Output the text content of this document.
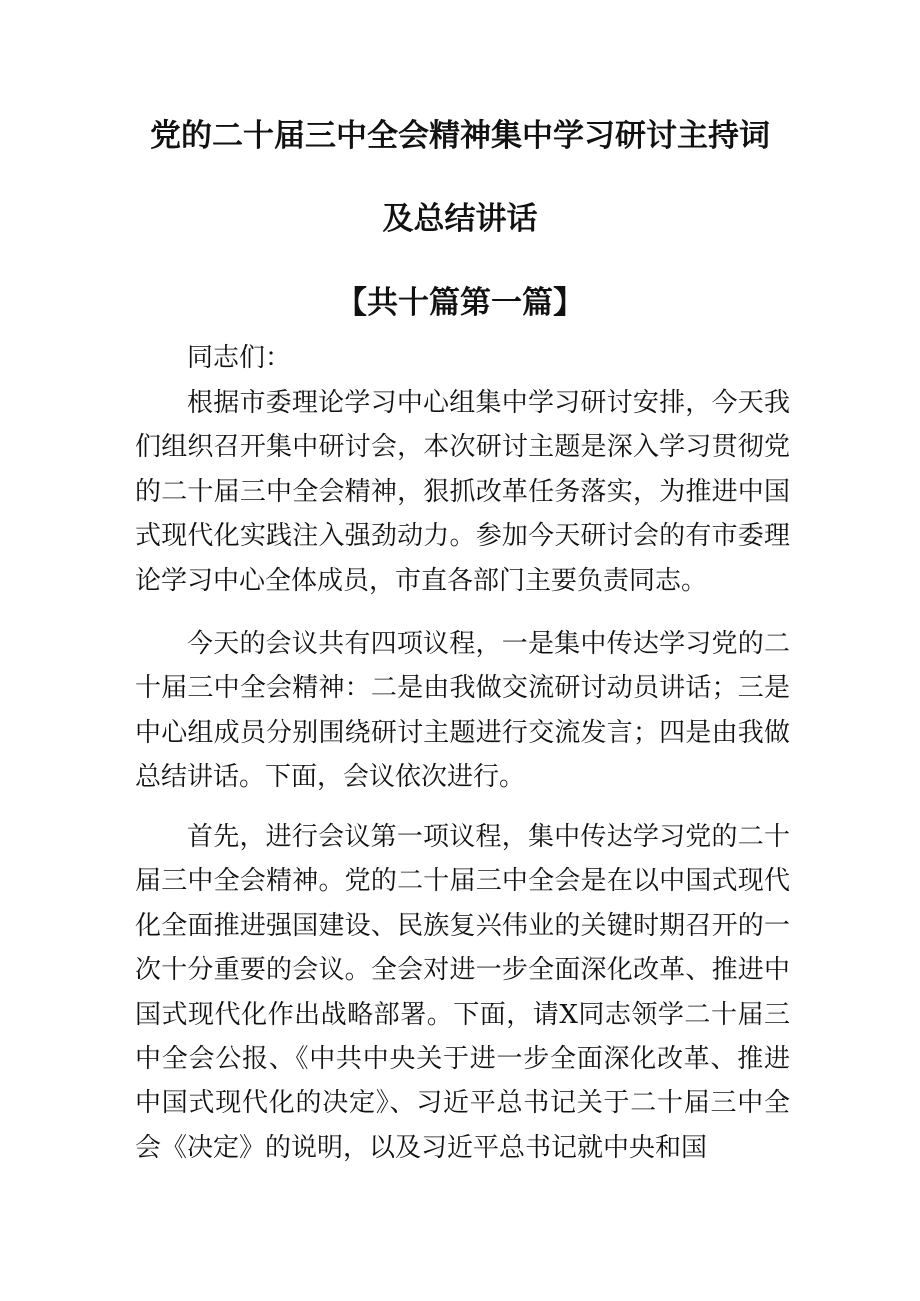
党的二十届三中全会精神集中学习研讨主持词
及总结讲话
【共十篇第一篇】
同志们：

根据市委理论学习中心组集中学习研讨安排，今天我们组织召开集中研讨会，本次研讨主题是深入学习贯彻党的二十届三中全会精神，狠抓改革任务落实，为推进中国式现代化实践注入强劲动力。参加今天研讨会的有市委理论学习中心全体成员，市直各部门主要负责同志。

今天的会议共有四项议程，一是集中传达学习党的二十届三中全会精神：二是由我做交流研讨动员讲话；三是中心组成员分别围绕研讨主题进行交流发言；四是由我做总结讲话。下面，会议依次进行。

首先，进行会议第一项议程，集中传达学习党的二十届三中全会精神。党的二十届三中全会是在以中国式现代化全面推进强国建设、民族复兴伟业的关键时期召开的一次十分重要的会议。全会对进一步全面深化改革、推进中国式现代化作出战略部署。下面，请X同志领学二十届三中全会公报、《中共中央关于进一步全面深化改革、推进中国式现代化的决定》、习近平总书记关于二十届三中全会《决定》的说明，以及习近平总书记就中央和国
